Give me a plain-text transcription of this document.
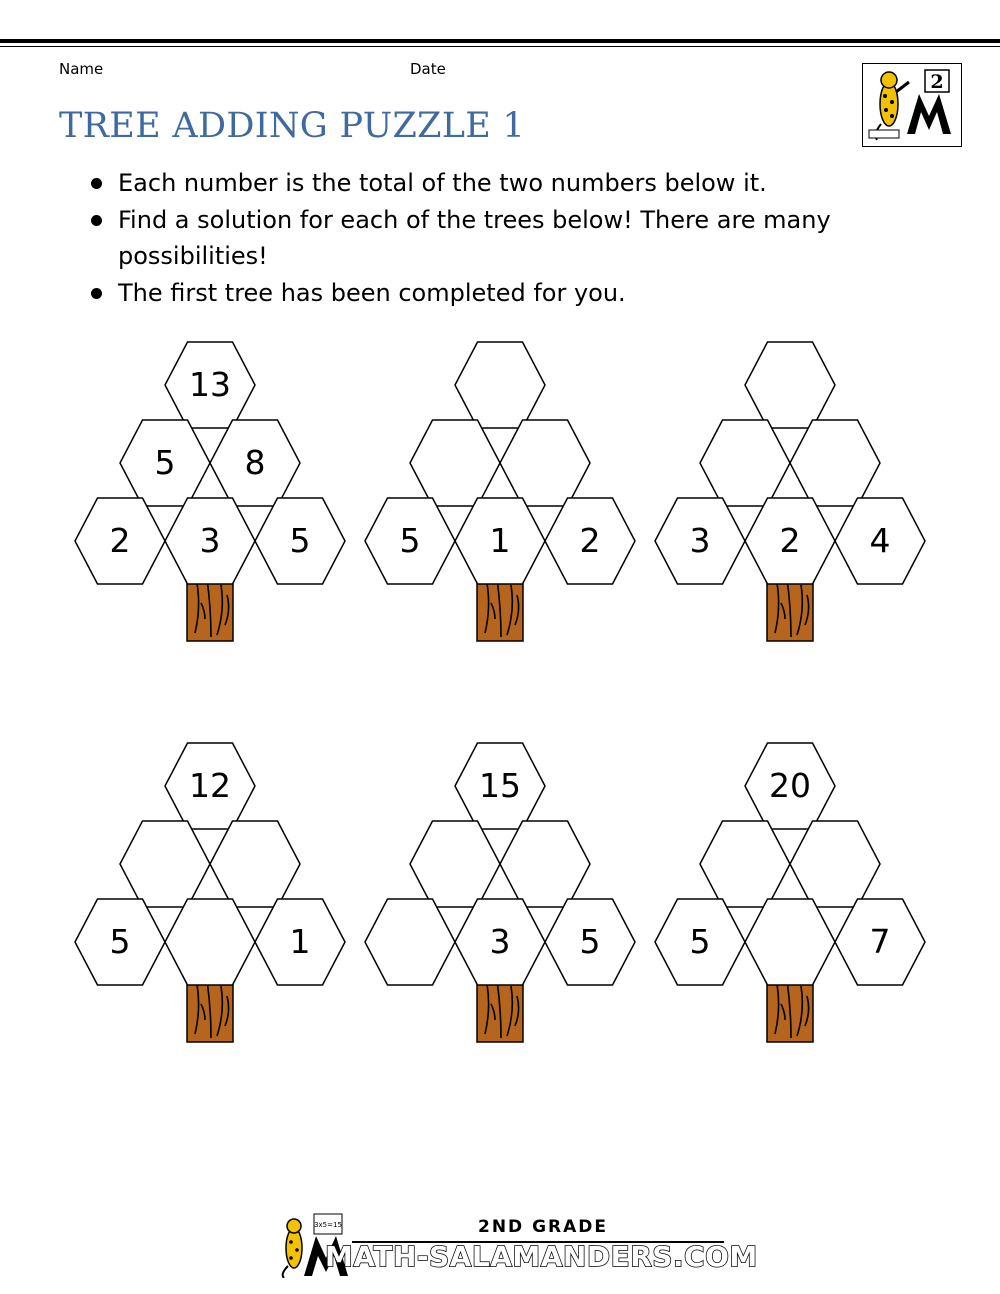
Name	Date
2
TREE ADDING PUZZLE 1
Each number is the total of the two numbers below it.
Find a solution for each of the trees below! There are many possibilities!
The first tree has been completed for you.
13
5	8
2	3	5	5	1	2	3	2	4
12
5	1
15
3	5
20
5	7
3x5=15	2ND GRADE
MATH-SALAMANDERS.COM
